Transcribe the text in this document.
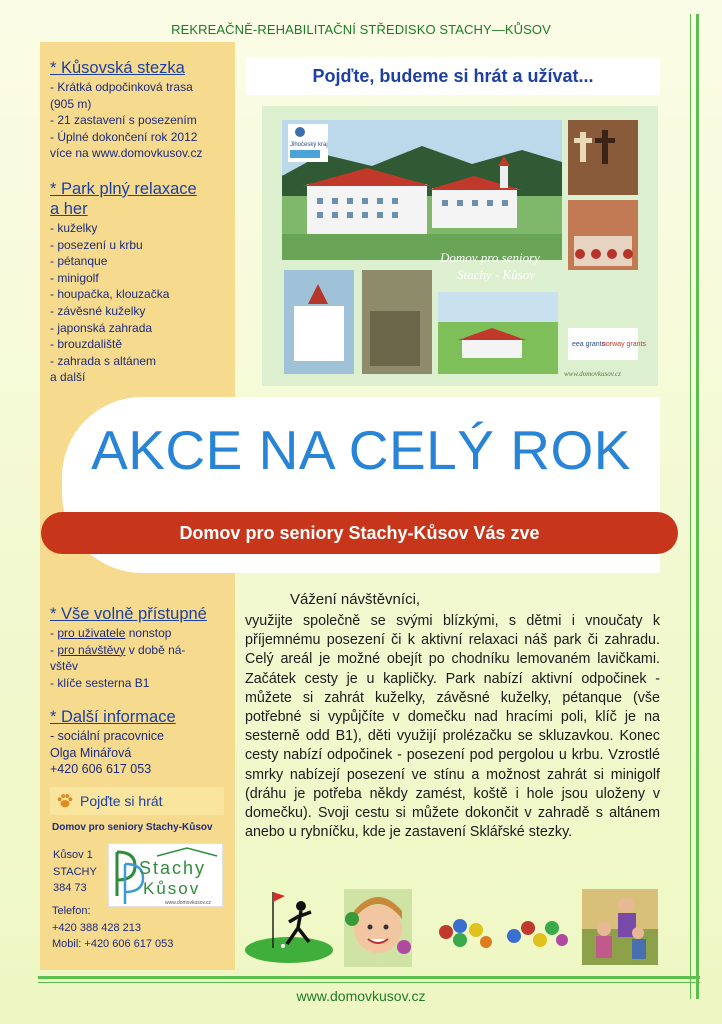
REKREAČNĚ-REHABILITAČNÍ STŘEDISKO STACHY—KŮSOV
* Kůsovská stezka
- Krátká odpočinková trasa
(905 m)
- 21 zastavení s posezením
- Úplné dokončení rok 2012
více na www.domovkusov.cz
* Park plný relaxace
a her
- kuželky
- posezení u krbu
- pétanque
- minigolf
- houpačka, klouzačka
- závěsné kuželky
- japonská zahrada
- brouzdaliště
- zahrada s altánem
a další
* Vše volně přístupné
- pro uživatele nonstop
- pro návštěvy v době ná-
vštěv
- klíče sesterna B1
* Další informace
- sociální pracovnice
Olga Minářová
+420 606 617 053
Pojďte si hrát
Domov pro seniory Stachy-Kůsov
Kůsov 1
STACHY
384 73
Stachy
Kůsov
www.domovkusov.cz
Telefon:
+420 388 428 213
Mobil: +420 606 617 053
Pojďte, budeme si hrát a užívat...
Jihočeský kraj
Domov pro seniory
Stachy - Kůsov
eea grants
norway grants
www.domovkusov.cz
AKCE NA CELÝ ROK
Domov pro seniory Stachy-Kůsov Vás zve
Vážení návštěvníci,
využijte společně se svými blízkými, s dětmi i vnoučaty k příjemnému posezení či k aktivní relaxaci náš park či zahradu. Celý areál je možné obejít po chodníku lemovaném lavičkami. Začátek cesty je u kapličky. Park nabízí aktivní odpočinek - můžete si zahrát kuželky, závěsné kuželky, pétanque (vše potřebné si vypůjčíte v domečku nad hracími poli, klíč je na sesterně odd B1), děti využijí prolézačku se skluzavkou. Konec cesty nabízí odpočinek - posezení pod pergolou u krbu. Vzrostlé smrky nabízejí posezení ve stínu a možnost zahrát si minigolf (dráhu je potřeba někdy zamést, koště i hole jsou uloženy v domečku). Svoji cestu si můžete dokončit v zahradě s altánem anebo u rybníčku, kde je zastavení Sklářské stezky.
www.domovkusov.cz
